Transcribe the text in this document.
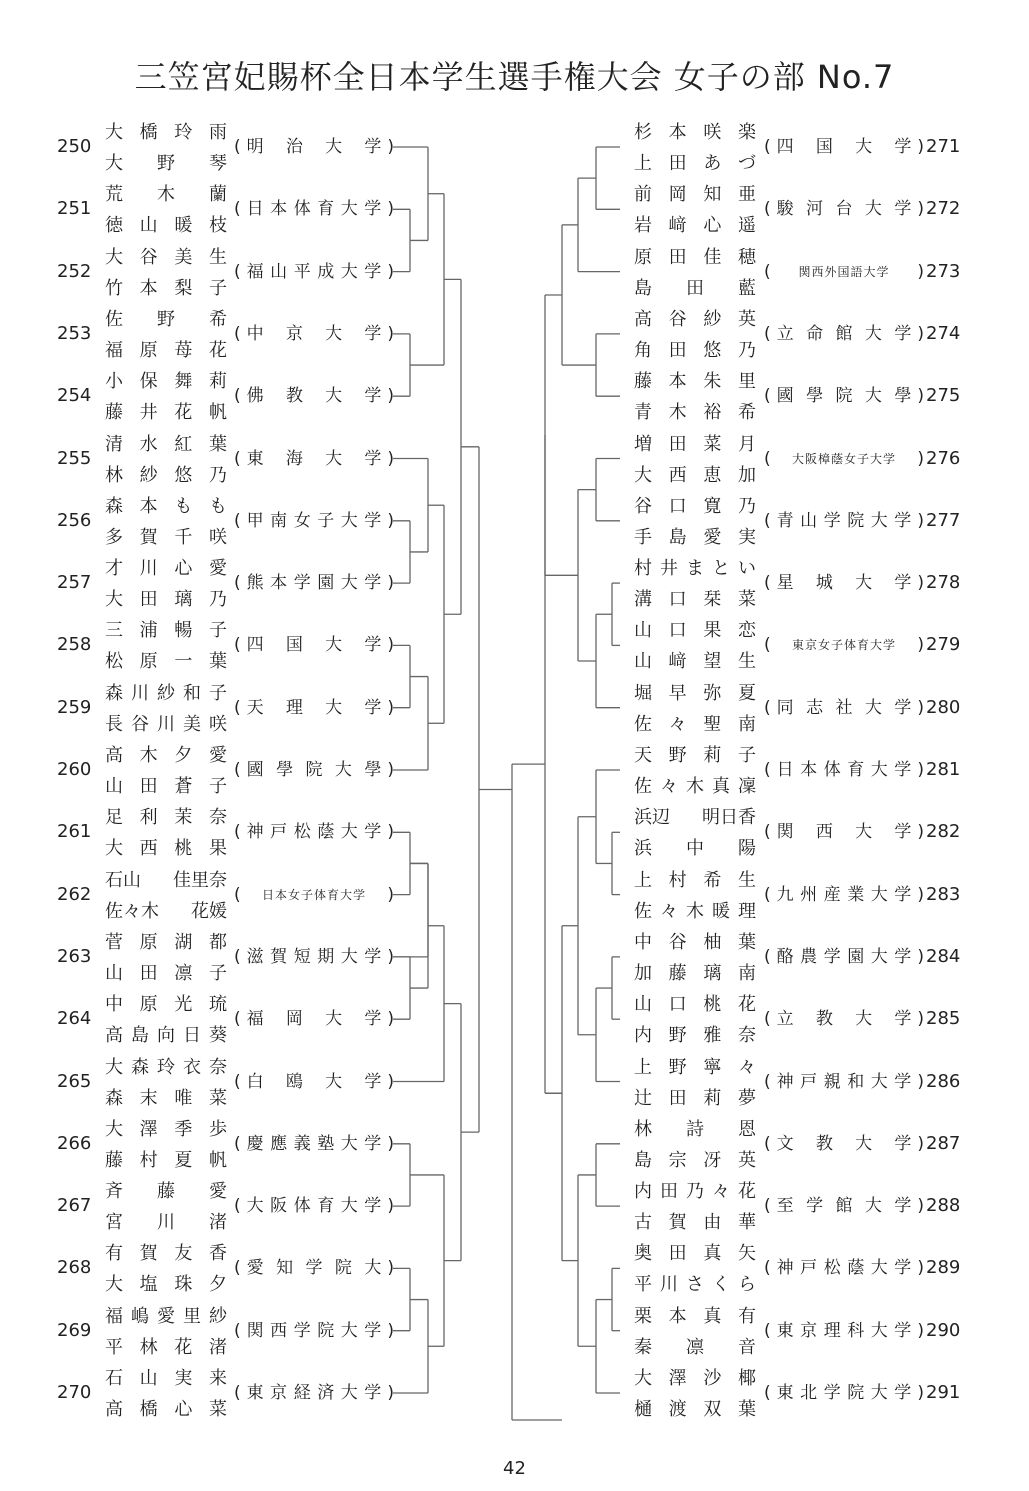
三笠宮妃賜杯全日本学生選手権大会 女子の部 No.7
250
大 橋 玲 雨
大 野 琴
( 明 治 大 学 )
251
荒 木 蘭
徳 山 暖 枝
( 日 本 体 育 大 学 )
252
大 谷 美 生
竹 本 梨 子
( 福 山 平 成 大 学 )
253
佐 野 希
福 原 苺 花
( 中 京 大 学 )
254
小 保 舞 莉
藤 井 花 帆
( 佛 教 大 学 )
255
清 水 紅 葉
林 紗 悠 乃
( 東 海 大 学 )
256
森 本 も も
多 賀 千 咲
( 甲 南 女 子 大 学 )
257
才 川 心 愛
大 田 璃 乃
( 熊 本 学 園 大 学 )
258
三 浦 暢 子
松 原 一 葉
( 四 国 大 学 )
259
森 川 紗 和 子
長 谷 川 美 咲
( 天 理 大 学 )
260
高 木 夕 愛
山 田 蒼 子
( 國 學 院 大 學 )
261
足 利 茉 奈
大 西 桃 果
( 神 戸 松 蔭 大 学 )
262
石山 佳里奈
佐々木 花媛
(	日本女子体育大学	)
263
菅 原 湖 都
山 田 凛 子
( 滋 賀 短 期 大 学 )
264
中 原 光 琉
高 島 向 日 葵
( 福 岡 大 学 )
265
大 森 玲 衣 奈
森 末 唯 菜
( 白 鴎 大 学 )
266
大 澤 季 歩
藤 村 夏 帆
( 慶 應 義 塾 大 学 )
267
斉 藤 愛
宮 川 渚
( 大 阪 体 育 大 学 )
268
有 賀 友 香
大 塩 珠 夕
( 愛 知 学 院 大 )
269
福 嶋 愛 里 紗
平 林 花 渚
( 関 西 学 院 大 学 )
270
石 山 実 来
高 橋 心 菜
( 東 京 経 済 大 学 )
271
杉 本 咲 楽
上 田 あ づ
( 四 国 大 学 )
272
前 岡 知 亜
岩 﨑 心 遥
( 駿 河 台 大 学 )
273
原 田 佳 穂
島 田 藍
(	関西外国語大学	)
274
高 谷 紗 英
角 田 悠 乃
( 立 命 館 大 学 )
275
藤 本 朱 里
青 木 裕 希
( 國 學 院 大 學 )
276
増 田 菜 月
大 西 恵 加
(	大阪樟蔭女子大学	)
277
谷 口 寛 乃
手 島 愛 実
( 青 山 学 院 大 学 )
278
村 井 ま と い
溝 口 栞 菜
( 星 城 大 学 )
279
山 口 果 恋
山 﨑 望 生
(	東京女子体育大学	)
280
堀 早 弥 夏
佐 々 聖 南
( 同 志 社 大 学 )
281
天 野 莉 子
佐 々 木 真 凜
( 日 本 体 育 大 学 )
282
浜辺 明日香
浜 中 陽
( 関 西 大 学 )
283
上 村 希 生
佐 々 木 暖 理
( 九 州 産 業 大 学 )
284
中 谷 柚 葉
加 藤 璃 南
( 酪 農 学 園 大 学 )
285
山 口 桃 花
内 野 雅 奈
( 立 教 大 学 )
286
上 野 寧 々
辻 田 莉 夢
( 神 戸 親 和 大 学 )
287
林 詩 恩
島 宗 冴 英
( 文 教 大 学 )
288
内 田 乃 々 花
古 賀 由 華
( 至 学 館 大 学 )
289
奥 田 真 矢
平 川 さ く ら
( 神 戸 松 蔭 大 学 )
290
栗 本 真 有
秦 凛 音
( 東 京 理 科 大 学 )
291
大 澤 沙 椰
樋 渡 双 葉
( 東 北 学 院 大 学 )
42
